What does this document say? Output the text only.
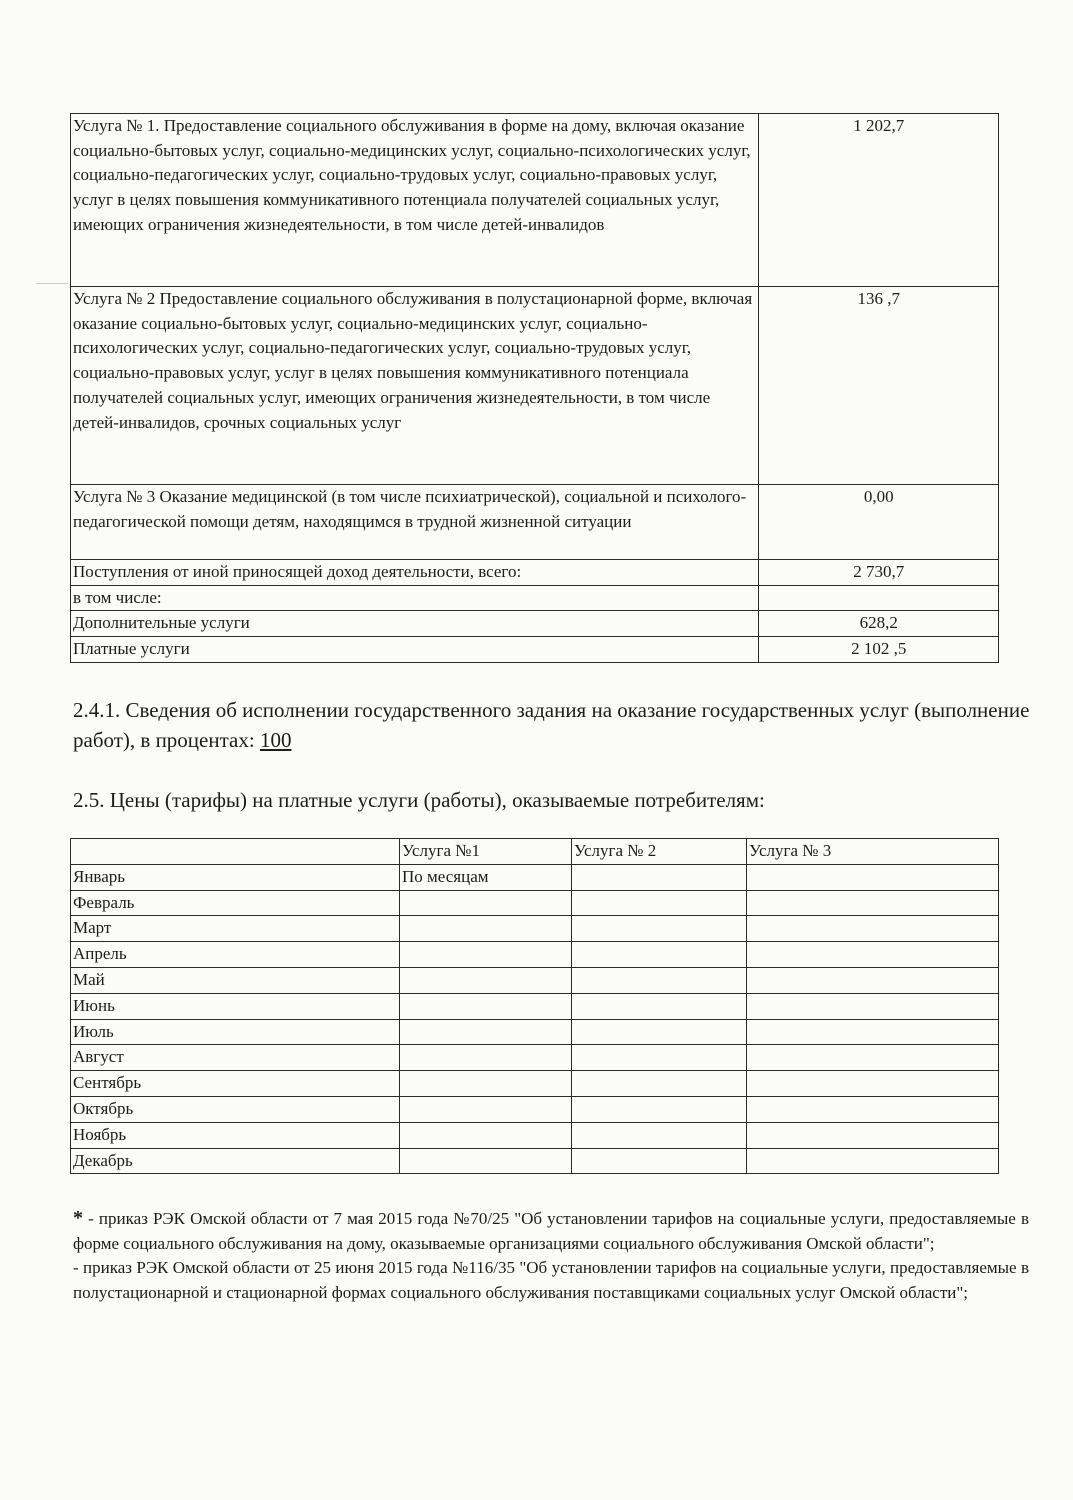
Услуга № 1. Предоставление социального обслуживания в форме на дому, включая оказание социально-бытовых услуг, социально-медицинских услуг, социально-психологических услуг, социально-педагогических услуг, социально-трудовых услуг, социально-правовых услуг, услуг в целях повышения коммуникативного потенциала получателей социальных услуг, имеющих ограничения жизнедеятельности, в том числе детей-инвалидов	1 202,7
Услуга № 2 Предоставление социального обслуживания в полустационарной форме, включая оказание социально-бытовых услуг, социально-медицинских услуг, социально-психологических услуг, социально-педагогических услуг, социально-трудовых услуг, социально-правовых услуг, услуг в целях повышения коммуникативного потенциала получателей социальных услуг, имеющих ограничения жизнедеятельности, в том числе детей-инвалидов, срочных социальных услуг	136 ,7
Услуга № 3 Оказание медицинской (в том числе психиатрической), социальной и психолого-педагогической помощи детям, находящимся в трудной жизненной ситуации	0,00
Поступления от иной приносящей доход деятельности, всего:	2 730,7
в том числе:	
Дополнительные услуги	628,2
Платные услуги	2 102 ,5

2.4.1. Сведения об исполнении государственного задания на оказание государственных услуг (выполнение работ), в процентах: 100

2.5. Цены (тарифы) на платные услуги (работы), оказываемые потребителям:

	Услуга №1	Услуга № 2	Услуга № 3
Январь	По месяцам		
Февраль			
Март			
Апрель			
Май			
Июнь			
Июль			
Август			
Сентябрь			
Октябрь			
Ноябрь			
Декабрь			

* - приказ РЭК Омской области от 7 мая 2015 года №70/25 "Об установлении тарифов на социальные услуги, предоставляемые в форме социального обслуживания на дому, оказываемые организациями социального обслуживания Омской области";

- приказ РЭК Омской области от 25 июня 2015 года №116/35 "Об установлении тарифов на социальные услуги, предоставляемые в полустационарной и стационарной формах социального обслуживания поставщиками социальных услуг Омской области";
